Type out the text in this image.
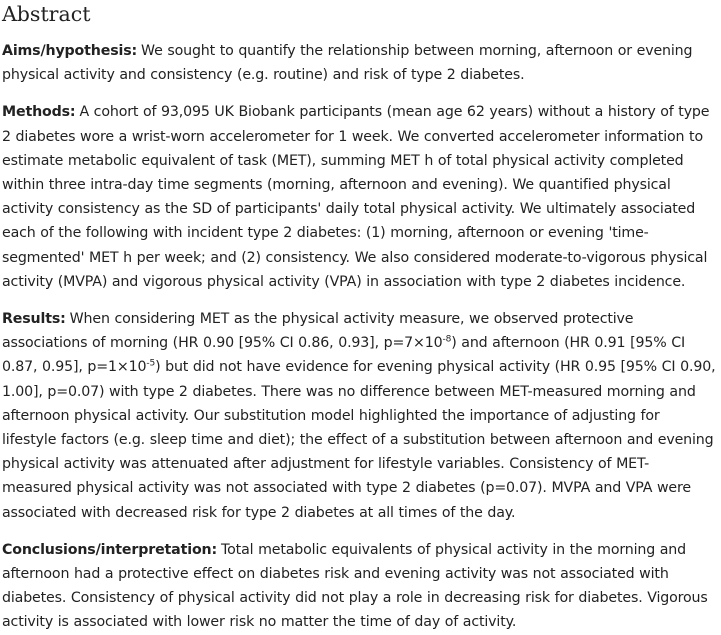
Abstract

Aims/hypothesis: We sought to quantify the relationship between morning, afternoon or evening physical activity and consistency (e.g. routine) and risk of type 2 diabetes.

Methods: A cohort of 93,095 UK Biobank participants (mean age 62 years) without a history of type 2 diabetes wore a wrist-worn accelerometer for 1 week. We converted accelerometer information to estimate metabolic equivalent of task (MET), summing MET h of total physical activity completed within three intra-day time segments (morning, afternoon and evening). We quantified physical activity consistency as the SD of participants' daily total physical activity. We ultimately associated each of the following with incident type 2 diabetes: (1) morning, afternoon or evening 'time-segmented' MET h per week; and (2) consistency. We also considered moderate-to-vigorous physical activity (MVPA) and vigorous physical activity (VPA) in association with type 2 diabetes incidence.

Results: When considering MET as the physical activity measure, we observed protective associations of morning (HR 0.90 [95% CI 0.86, 0.93], $p=7\times 10^{-8}$) and afternoon (HR 0.91 [95% CI 0.87, 0.95], $p=1\times 10^{-5}$) but did not have evidence for evening physical activity (HR 0.95 [95% CI 0.90, 1.00], p=0.07) with type 2 diabetes. There was no difference between MET-measured morning and afternoon physical activity. Our substitution model highlighted the importance of adjusting for lifestyle factors (e.g. sleep time and diet); the effect of a substitution between afternoon and evening physical activity was attenuated after adjustment for lifestyle variables. Consistency of MET-measured physical activity was not associated with type 2 diabetes (p=0.07). MVPA and VPA were associated with decreased risk for type 2 diabetes at all times of the day.

Conclusions/interpretation: Total metabolic equivalents of physical activity in the morning and afternoon had a protective effect on diabetes risk and evening activity was not associated with diabetes. Consistency of physical activity did not play a role in decreasing risk for diabetes. Vigorous activity is associated with lower risk no matter the time of day of activity.
